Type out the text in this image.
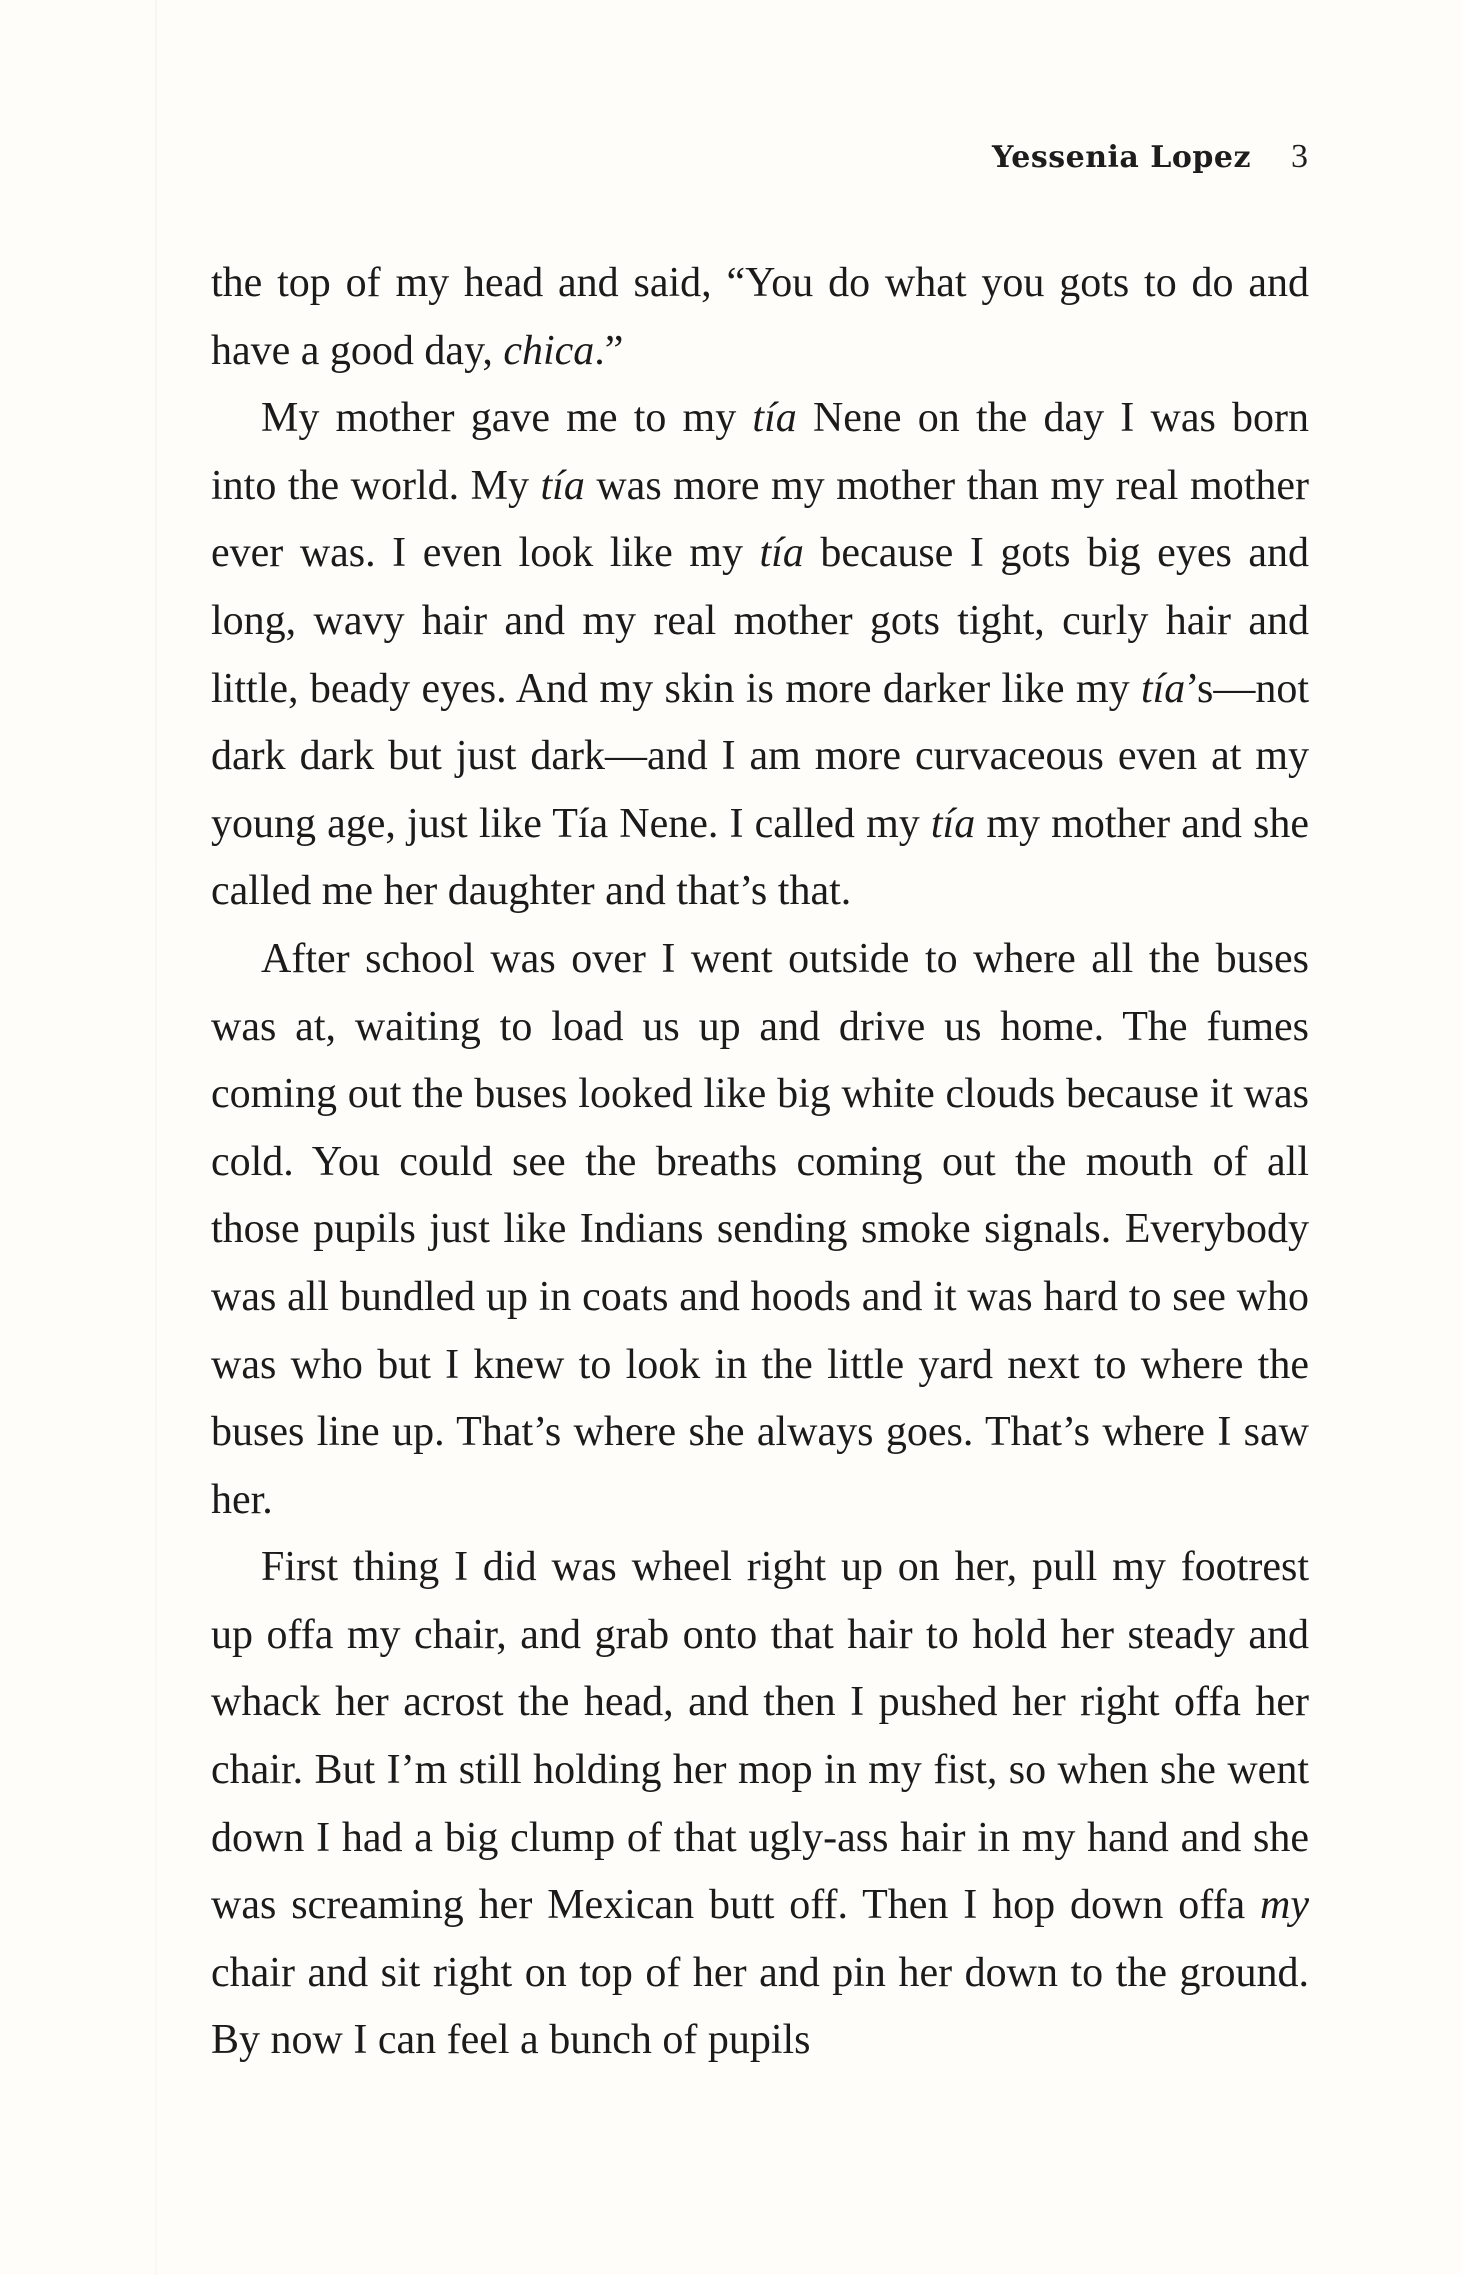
Yessenia Lopez 3

the top of my head and said, “You do what you gots to do and have a good day, chica.”

My mother gave me to my tía Nene on the day I was born into the world. My tía was more my mother than my real mother ever was. I even look like my tía because I gots big eyes and long, wavy hair and my real mother gots tight, curly hair and little, beady eyes. And my skin is more darker like my tía’s—not dark dark but just dark—and I am more curvaceous even at my young age, just like Tía Nene. I called my tía my mother and she called me her daughter and that’s that.

After school was over I went outside to where all the buses was at, waiting to load us up and drive us home. The fumes coming out the buses looked like big white clouds because it was cold. You could see the breaths coming out the mouth of all those pupils just like Indians sending smoke signals. Everybody was all bundled up in coats and hoods and it was hard to see who was who but I knew to look in the little yard next to where the buses line up. That’s where she always goes. That’s where I saw her.

First thing I did was wheel right up on her, pull my footrest up offa my chair, and grab onto that hair to hold her steady and whack her acrost the head, and then I pushed her right offa her chair. But I’m still holding her mop in my fist, so when she went down I had a big clump of that ugly-ass hair in my hand and she was screaming her Mexican butt off. Then I hop down offa my chair and sit right on top of her and pin her down to the ground. By now I can feel a bunch of pupils
